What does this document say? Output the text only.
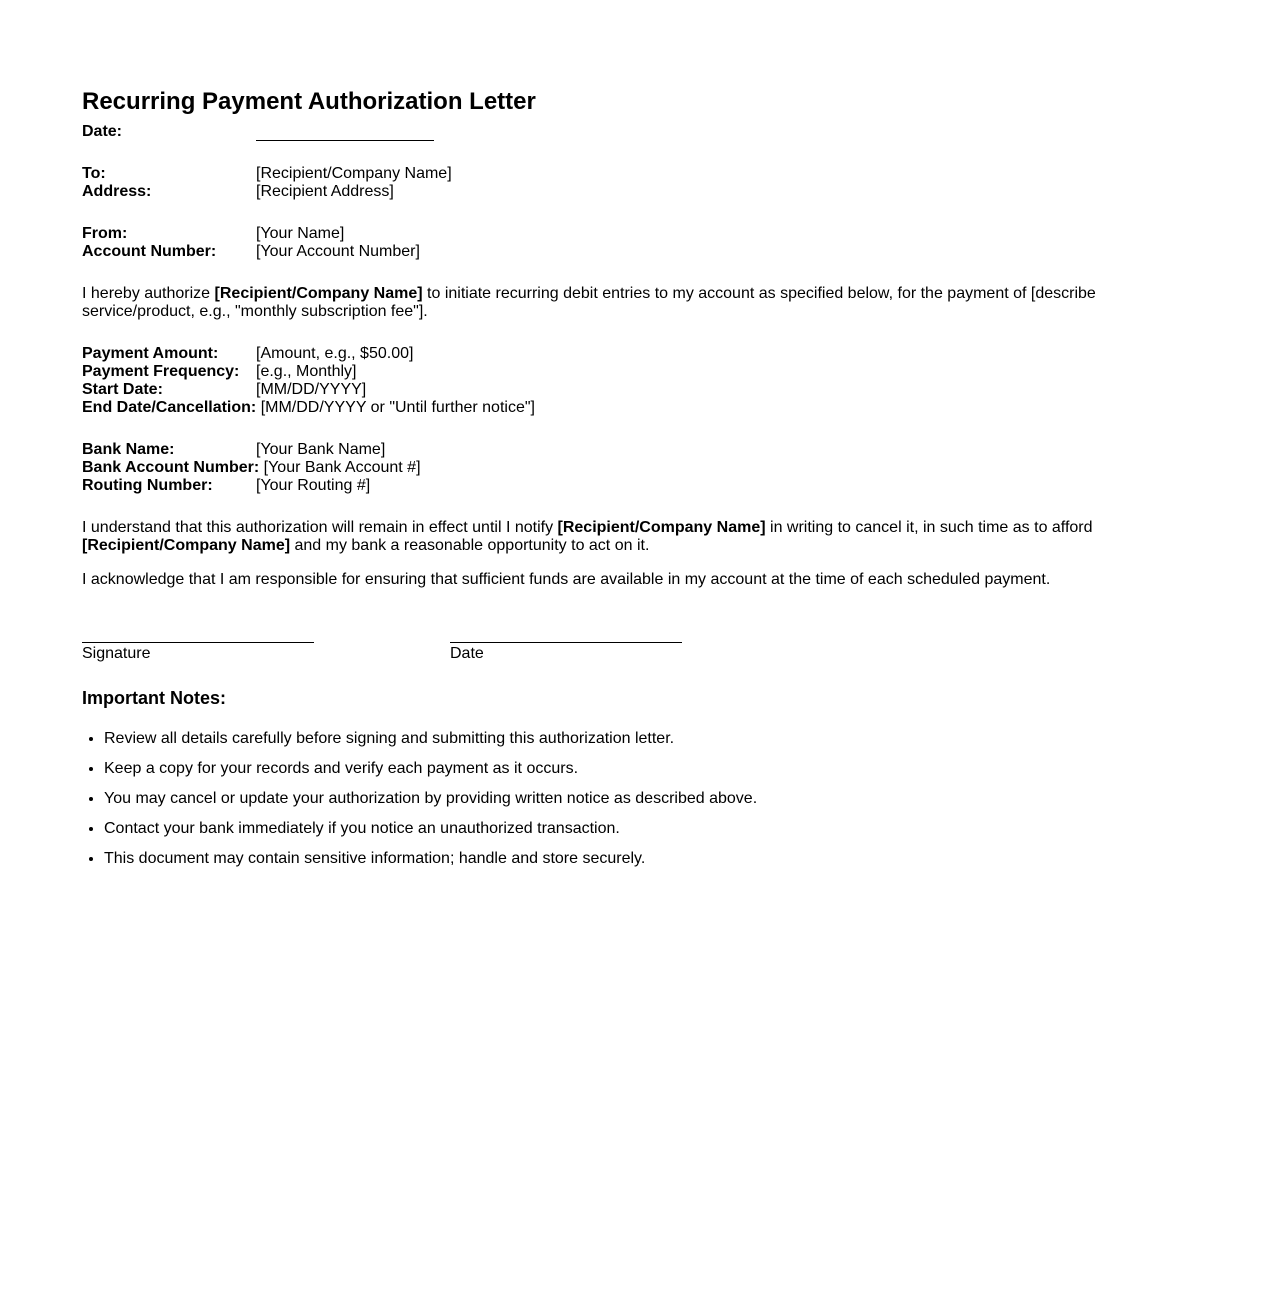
Recurring Payment Authorization Letter
Date:
To:	[Recipient/Company Name]
Address:	[Recipient Address]
From:	[Your Name]
Account Number: [Your Account Number]

I hereby authorize [Recipient/Company Name] to initiate recurring debit entries to my account as specified below, for the payment of [describe service/product, e.g., "monthly subscription fee"].

Payment Amount: [Amount, e.g., $50.00]
Payment Frequency: [e.g., Monthly]
Start Date:	[MM/DD/YYYY]
End Date/Cancellation: [MM/DD/YYYY or "Until further notice"]
Bank Name:	[Your Bank Name]
Bank Account Number: [Your Bank Account #]
Routing Number:	[Your Routing #]

I understand that this authorization will remain in effect until I notify [Recipient/Company Name] in writing to cancel it, in such time as to afford [Recipient/Company Name] and my bank a reasonable opportunity to act on it.

I acknowledge that I am responsible for ensuring that sufficient funds are available in my account at the time of each scheduled payment.

Signature	Date
Important Notes:
• Review all details carefully before signing and submitting this authorization letter.
• Keep a copy for your records and verify each payment as it occurs.
• You may cancel or update your authorization by providing written notice as described above.
• Contact your bank immediately if you notice an unauthorized transaction.
• This document may contain sensitive information; handle and store securely.
